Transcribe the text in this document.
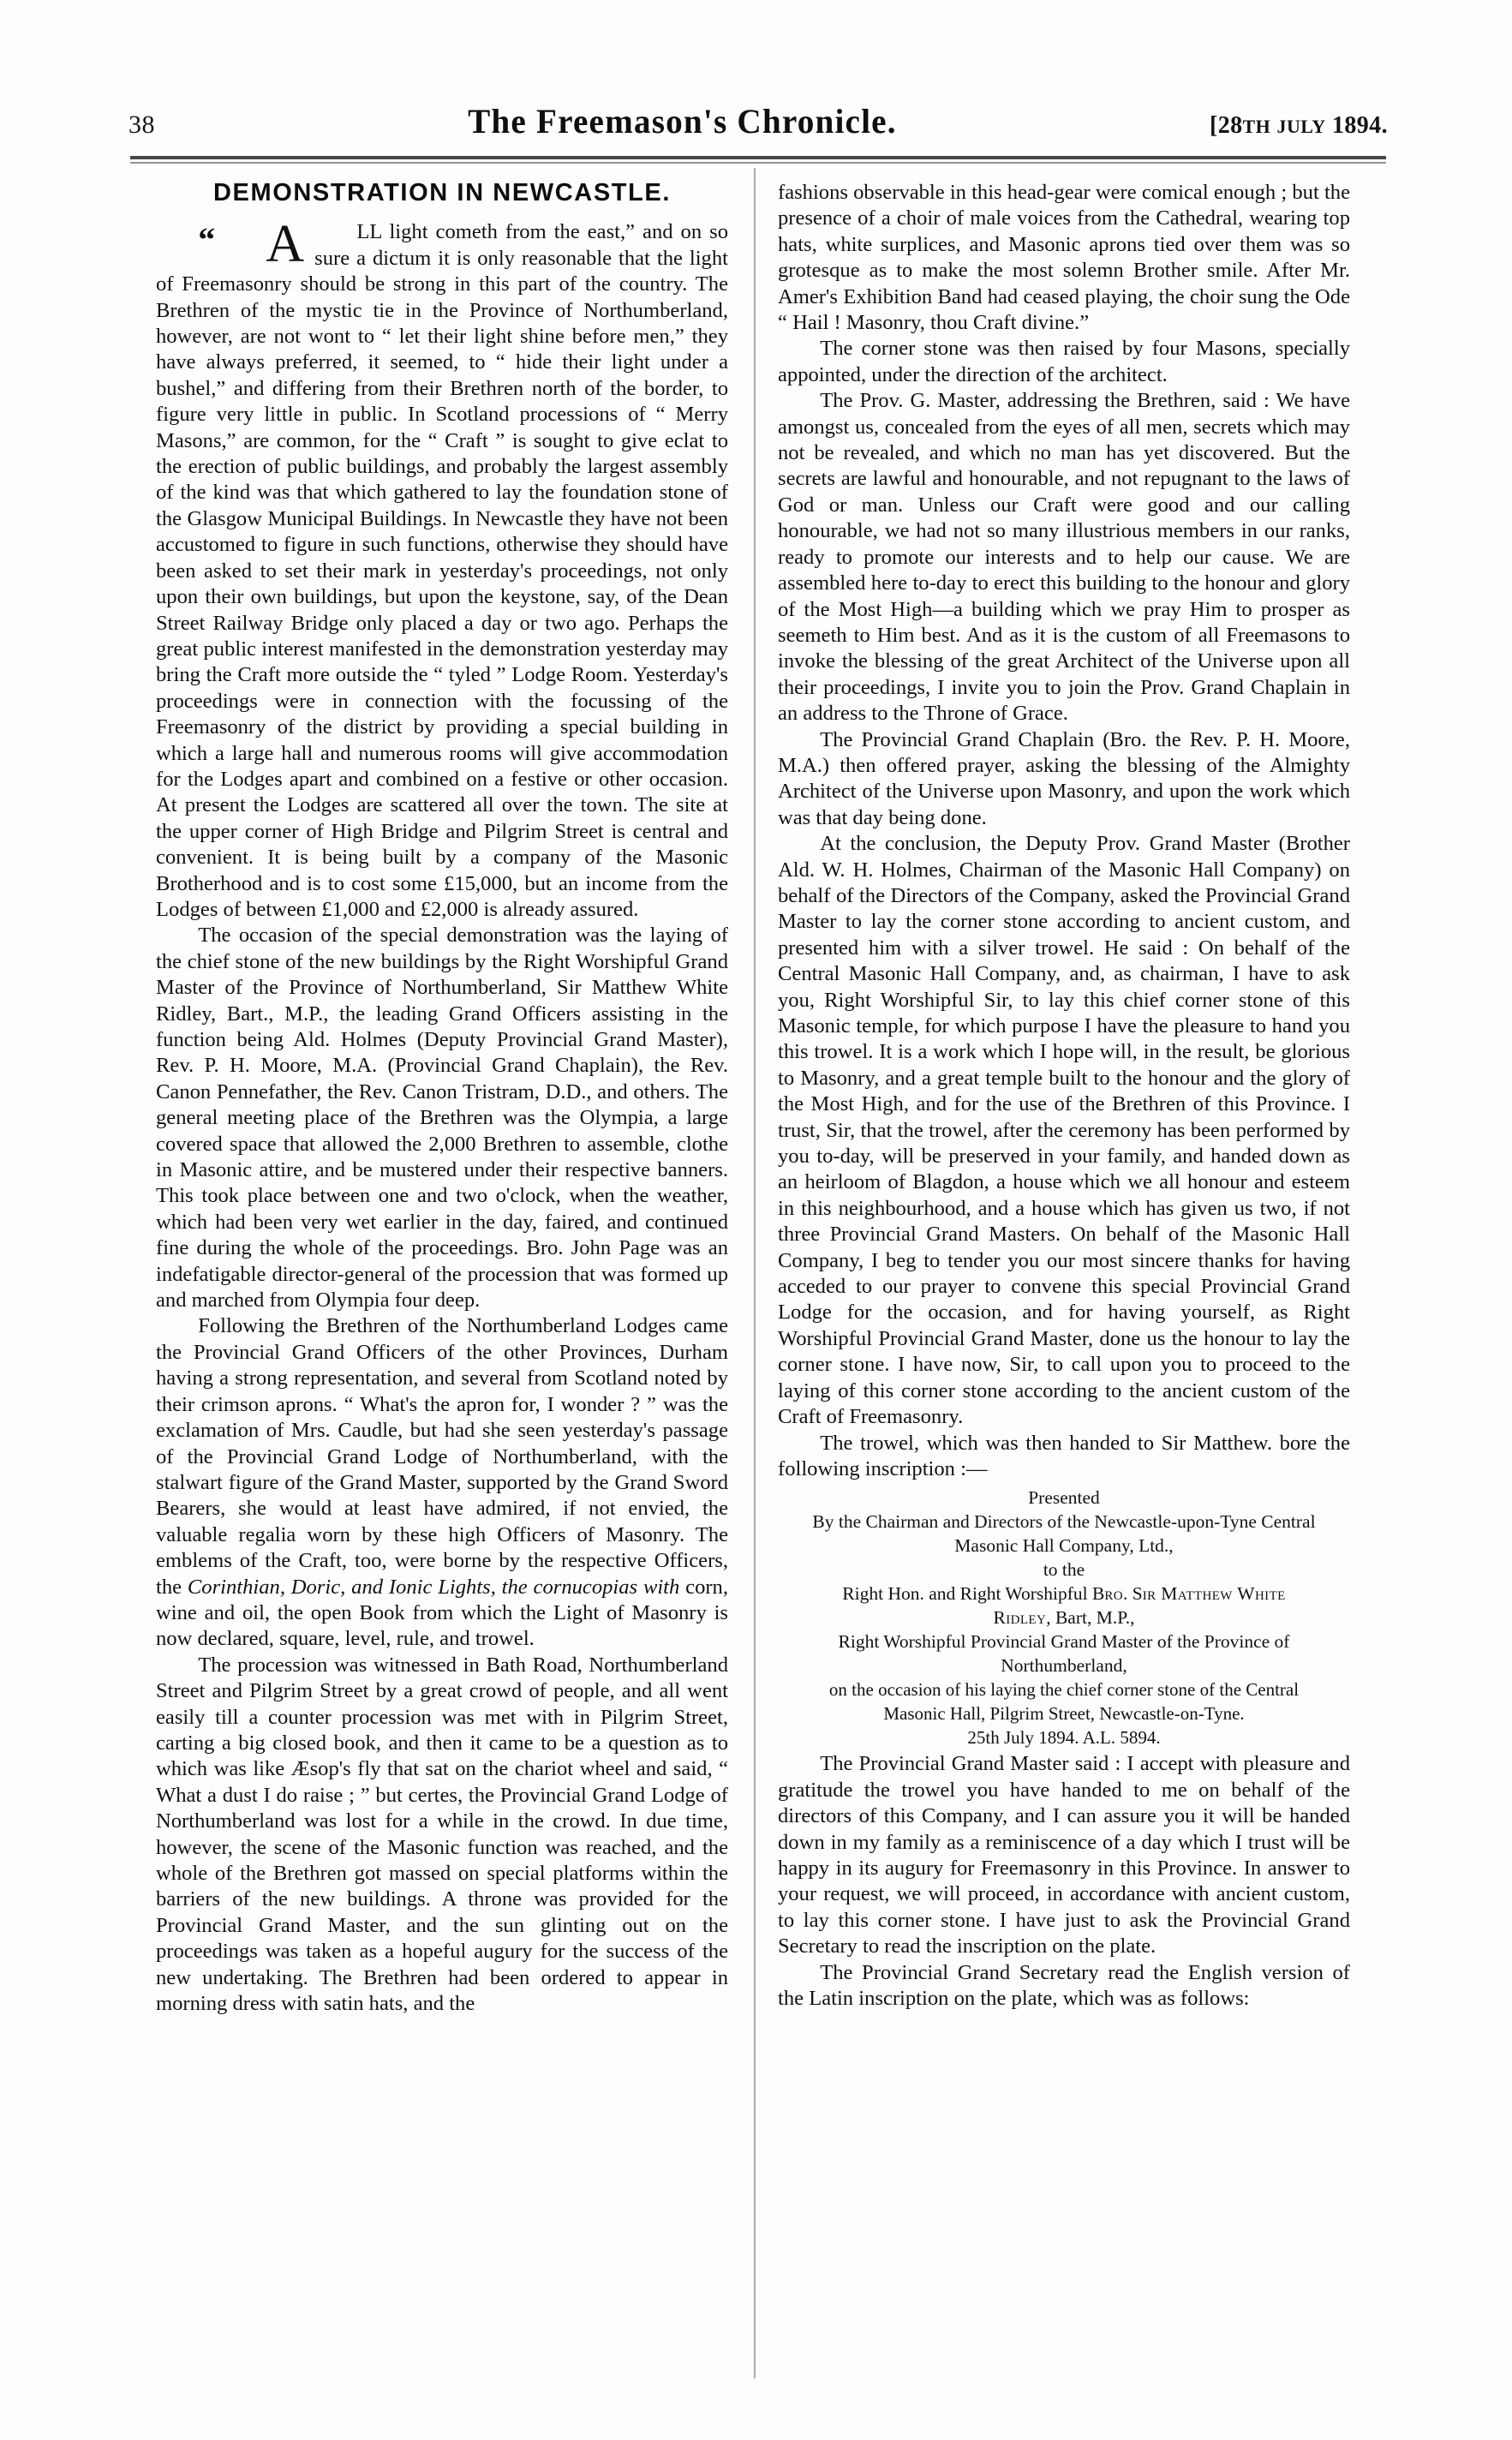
38	The Freemason's Chronicle.	[28TH JULY 1894.
DEMONSTRATION IN NEWCASTLE.

“ A	LL light cometh from the east,” and on so sure a dictum it is only reasonable that the light of Freemasonry should be strong in this part of the country. The Brethren of the mystic tie in the Province of Northumberland, however, are not wont to “ let their light shine before men,” they have always preferred, it seemed, to “ hide their light under a bushel,” and differing from their Brethren north of the border, to figure very little in public. In Scotland processions of “ Merry Masons,” are common, for the “ Craft ” is sought to give eclat to the erection of public buildings, and probably the largest assembly of the kind was that which gathered to lay the foundation stone of the Glasgow Municipal Buildings. In Newcastle they have not been accustomed to figure in such functions, otherwise they should have been asked to set their mark in yesterday's proceedings, not only upon their own buildings, but upon the keystone, say, of the Dean Street Railway Bridge only placed a day or two ago. Perhaps the great public interest manifested in the demonstration yesterday may bring the Craft more outside the “ tyled ” Lodge Room. Yesterday's proceedings were in connection with the focussing of the Freemasonry of the district by providing a special building in which a large hall and numerous rooms will give accommodation for the Lodges apart and combined on a festive or other occasion. At present the Lodges are scattered all over the town. The site at the upper corner of High Bridge and Pilgrim Street is central and convenient. It is being built by a company of the Masonic Brotherhood and is to cost some £15,000, but an income from the Lodges of between £1,000 and £2,000 is already assured.

The occasion of the special demonstration was the laying of the chief stone of the new buildings by the Right Worshipful Grand Master of the Province of Northumberland, Sir Matthew White Ridley, Bart., M.P., the leading Grand Officers assisting in the function being Ald. Holmes (Deputy Provincial Grand Master), Rev. P. H. Moore, M.A. (Provincial Grand Chaplain), the Rev. Canon Pennefather, the Rev. Canon Tristram, D.D., and others. The general meeting place of the Brethren was the Olympia, a large covered space that allowed the 2,000 Brethren to assemble, clothe in Masonic attire, and be mustered under their respective banners. This took place between one and two o'clock, when the weather, which had been very wet earlier in the day, faired, and continued fine during the whole of the proceedings. Bro. John Page was an indefatigable director-general of the procession that was formed up and marched from Olympia four deep.

Following the Brethren of the Northumberland Lodges came the Provincial Grand Officers of the other Provinces, Durham having a strong representation, and several from Scotland noted by their crimson aprons. “ What's the apron for, I wonder ? ” was the exclamation of Mrs. Caudle, but had she seen yesterday's passage of the Provincial Grand Lodge of Northumberland, with the stalwart figure of the Grand Master, supported by the Grand Sword Bearers, she would at least have admired, if not envied, the valuable regalia worn by these high Officers of Masonry. The emblems of the Craft, too, were borne by the respective Officers, the Corinthian, Doric, and Ionic Lights, the cornucopias with corn, wine and oil, the open Book from which the Light of Masonry is now declared, square, level, rule, and trowel.

The procession was witnessed in Bath Road, Northumberland Street and Pilgrim Street by a great crowd of people, and all went easily till a counter procession was met with in Pilgrim Street, carting a big closed book, and then it came to be a question as to which was like Æsop's fly that sat on the chariot wheel and said, “ What a dust I do raise ; ” but certes, the Provincial Grand Lodge of Northumberland was lost for a while in the crowd. In due time, however, the scene of the Masonic function was reached, and the whole of the Brethren got massed on special platforms within the barriers of the new buildings. A throne was provided for the Provincial Grand Master, and the sun glinting out on the proceedings was taken as a hopeful augury for the success of the new undertaking. The Brethren had been ordered to appear in morning dress with satin hats, and the

fashions observable in this head-gear were comical enough ; but the presence of a choir of male voices from the Cathedral, wearing top hats, white surplices, and Masonic aprons tied over them was so grotesque as to make the most solemn Brother smile. After Mr. Amer's Exhibition Band had ceased playing, the choir sung the Ode “ Hail ! Masonry, thou Craft divine.”

The corner stone was then raised by four Masons, specially appointed, under the direction of the architect.

The Prov. G. Master, addressing the Brethren, said : We have amongst us, concealed from the eyes of all men, secrets which may not be revealed, and which no man has yet discovered. But the secrets are lawful and honourable, and not repugnant to the laws of God or man. Unless our Craft were good and our calling honourable, we had not so many illustrious members in our ranks, ready to promote our interests and to help our cause. We are assembled here to-day to erect this building to the honour and glory of the Most High—a building which we pray Him to prosper as seemeth to Him best. And as it is the custom of all Freemasons to invoke the blessing of the great Architect of the Universe upon all their proceedings, I invite you to join the Prov. Grand Chaplain in an address to the Throne of Grace.

The Provincial Grand Chaplain (Bro. the Rev. P. H. Moore, M.A.) then offered prayer, asking the blessing of the Almighty Architect of the Universe upon Masonry, and upon the work which was that day being done.

At the conclusion, the Deputy Prov. Grand Master (Brother Ald. W. H. Holmes, Chairman of the Masonic Hall Company) on behalf of the Directors of the Company, asked the Provincial Grand Master to lay the corner stone according to ancient custom, and presented him with a silver trowel. He said : On behalf of the Central Masonic Hall Company, and, as chairman, I have to ask you, Right Worshipful Sir, to lay this chief corner stone of this Masonic temple, for which purpose I have the pleasure to hand you this trowel. It is a work which I hope will, in the result, be glorious to Masonry, and a great temple built to the honour and the glory of the Most High, and for the use of the Brethren of this Province. I trust, Sir, that the trowel, after the ceremony has been performed by you to-day, will be preserved in your family, and handed down as an heirloom of Blagdon, a house which we all honour and esteem in this neighbourhood, and a house which has given us two, if not three Provincial Grand Masters. On behalf of the Masonic Hall Company, I beg to tender you our most sincere thanks for having acceded to our prayer to convene this special Provincial Grand Lodge for the occasion, and for having yourself, as Right Worshipful Provincial Grand Master, done us the honour to lay the corner stone. I have now, Sir, to call upon you to proceed to the laying of this corner stone according to the ancient custom of the Craft of Freemasonry.

The trowel, which was then handed to Sir Matthew. bore the following inscription :—

Presented
By the Chairman and Directors of the Newcastle-upon-Tyne Central
Masonic Hall Company, Ltd.,
to the
Right Hon. and Right Worshipful Bro. Sir Matthew White
Ridley, Bart, M.P.,
Right Worshipful Provincial Grand Master of the Province of
Northumberland,
on the occasion of his laying the chief corner stone of the Central
Masonic Hall, Pilgrim Street, Newcastle-on-Tyne.
25th July 1894. A.L. 5894.

The Provincial Grand Master said : I accept with pleasure and gratitude the trowel you have handed to me on behalf of the directors of this Company, and I can assure you it will be handed down in my family as a reminiscence of a day which I trust will be happy in its augury for Freemasonry in this Province. In answer to your request, we will proceed, in accordance with ancient custom, to lay this corner stone. I have just to ask the Provincial Grand Secretary to read the inscription on the plate.

The Provincial Grand Secretary read the English version of the Latin inscription on the plate, which was as follows:
